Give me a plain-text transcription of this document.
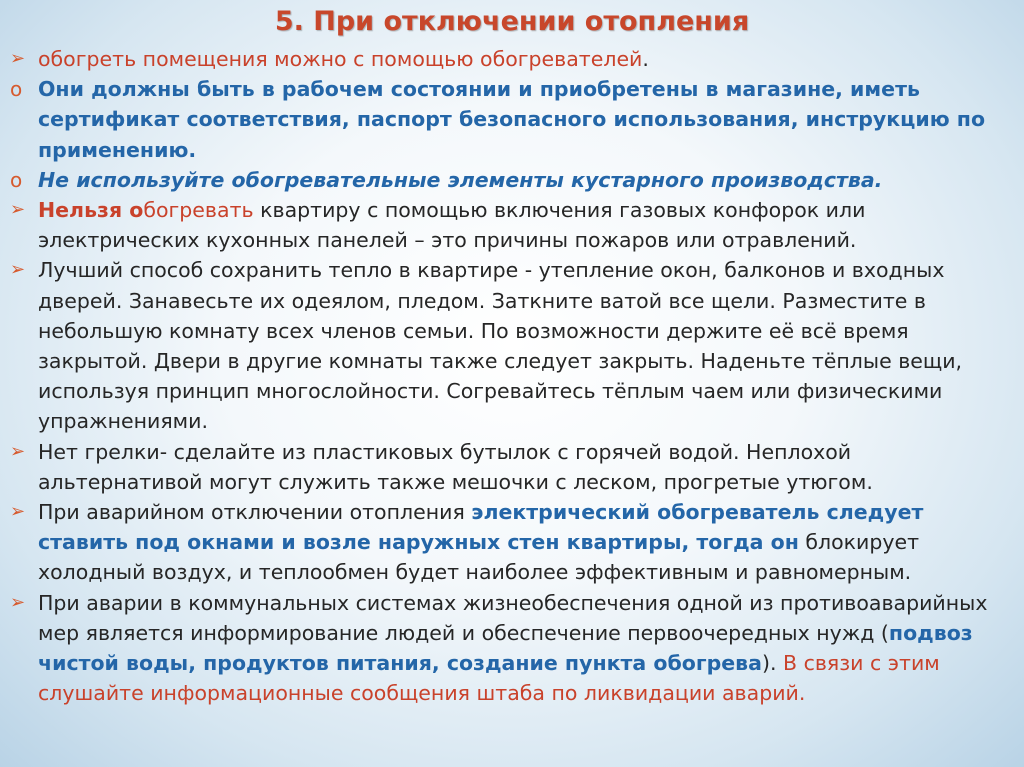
5. При отключении отопления
➢ обогреть помещения можно с помощью обогревателей.
o Они должны быть в рабочем состоянии и приобретены в магазине, иметь сертификат соответствия, паспорт безопасного использования, инструкцию по применению.
o Не используйте обогревательные элементы кустарного производства.
➢ Нельзя обогревать квартиру с помощью включения газовых конфорок или электрических кухонных панелей – это причины пожаров или отравлений.
➢ Лучший способ сохранить тепло в квартире - утепление окон, балконов и входных дверей. Занавесьте их одеялом, пледом. Заткните ватой все щели. Разместите в небольшую комнату всех членов семьи. По возможности держите её всё время закрытой. Двери в другие комнаты также следует закрыть. Наденьте тёплые вещи, используя принцип многослойности. Согревайтесь тёплым чаем или физическими упражнениями.
➢ Нет грелки- сделайте из пластиковых бутылок с горячей водой. Неплохой альтернативой могут служить также мешочки с леском, прогретые утюгом.
➢ При аварийном отключении отопления электрический обогреватель следует ставить под окнами и возле наружных стен квартиры, тогда он блокирует холодный воздух, и теплообмен будет наиболее эффективным и равномерным.
➢ При аварии в коммунальных системах жизнеобеспечения одной из противоаварийных мер является информирование людей и обеспечение первоочередных нужд (подвоз чистой воды, продуктов питания, создание пункта обогрева). В связи с этим слушайте информационные сообщения штаба по ликвидации аварий.
